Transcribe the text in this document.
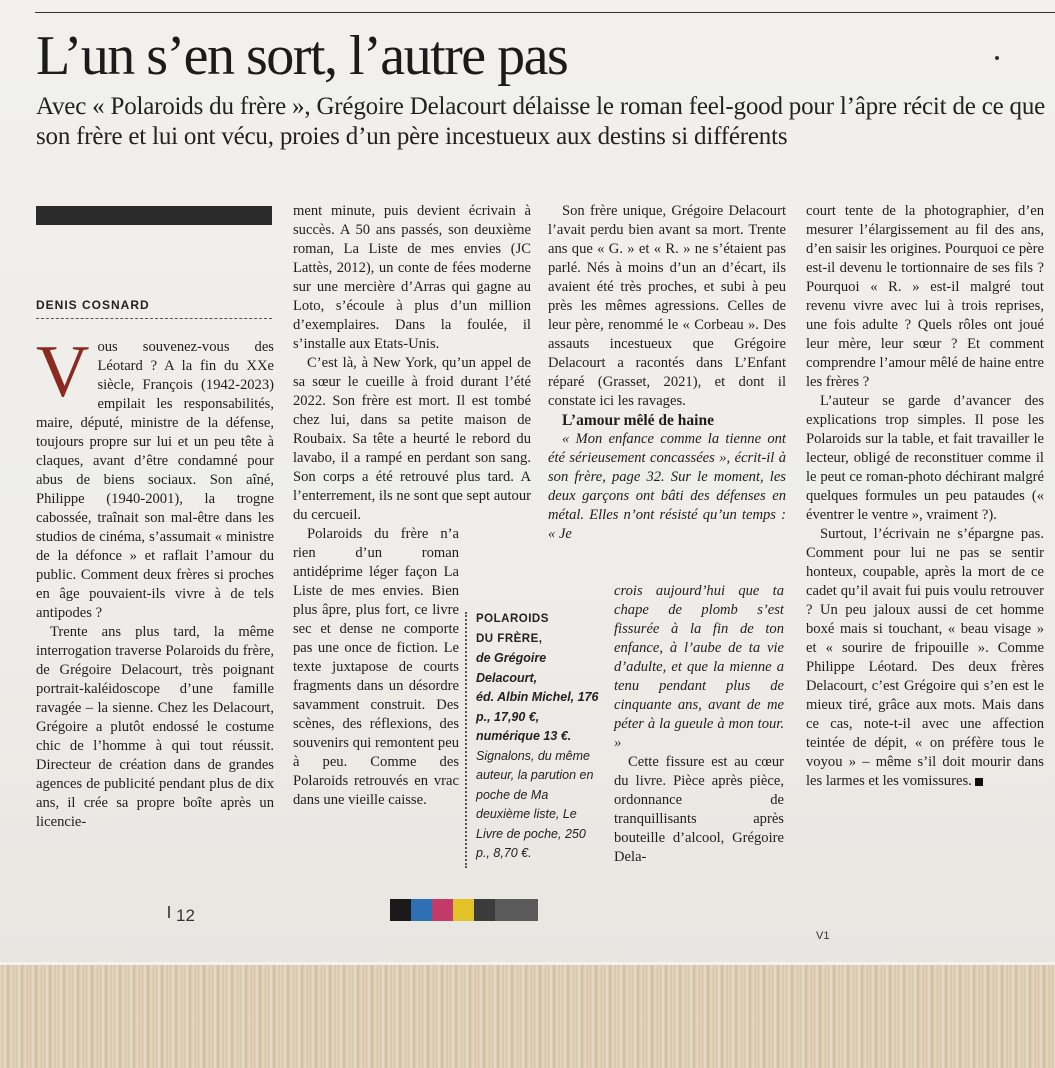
L’un s’en sort, l’autre pas

Avec « Polaroids du frère », Grégoire Delacourt délaisse le roman feel-good pour l’âpre récit de ce que son frère et lui ont vécu, proies d’un père incestueux aux destins si différents

DENIS COSNARD

Vous souvenez-vous des Léotard ? A la fin du XXe siècle, François (1942-2023) empilait les responsabilités, maire, député, ministre de la défense, toujours propre sur lui et un peu tête à claques, avant d’être condamné pour abus de biens sociaux. Son aîné, Philippe (1940-2001), la trogne cabossée, traînait son mal-être dans les studios de cinéma, s’assumait « ministre de la défonce » et raflait l’amour du public. Comment deux frères si proches en âge pouvaient-ils vivre à de tels antipodes ?

Trente ans plus tard, la même interrogation traverse Polaroids du frère, de Grégoire Delacourt, très poignant portrait-kaléidoscope d’une famille ravagée – la sienne. Chez les Delacourt, Grégoire a plutôt endossé le costume chic de l’homme à qui tout réussit. Directeur de création dans de grandes agences de publicité pendant plus de dix ans, il crée sa propre boîte après un licencie-

ment minute, puis devient écrivain à succès. A 50 ans passés, son deuxième roman, La Liste de mes envies (JC Lattès, 2012), un conte de fées moderne sur une mercière d’Arras qui gagne au Loto, s’écoule à plus d’un million d’exemplaires. Dans la foulée, il s’installe aux Etats-Unis.

C’est là, à New York, qu’un appel de sa sœur le cueille à froid durant l’été 2022. Son frère est mort. Il est tombé chez lui, dans sa petite maison de Roubaix. Sa tête a heurté le rebord du lavabo, il a rampé en perdant son sang. Son corps a été retrouvé plus tard. A l’enterrement, ils ne sont que sept autour du cercueil.

Polaroids du frère n’a rien d’un roman antidéprime léger façon La Liste de mes envies. Bien plus âpre, plus fort, ce livre sec et dense ne comporte pas une once de fiction. Le texte juxtapose de courts fragments dans un désordre savamment construit. Des scènes, des réflexions, des souvenirs qui remontent peu à peu. Comme des Polaroids retrouvés en vrac dans une vieille caisse.

Son frère unique, Grégoire Delacourt l’avait perdu bien avant sa mort. Trente ans que « G. » et « R. » ne s’étaient pas parlé. Nés à moins d’un an d’écart, ils avaient été très proches, et subi à peu près les mêmes agressions. Celles de leur père, renommé le « Corbeau ». Des assauts incestueux que Grégoire Delacourt a racontés dans L’Enfant réparé (Grasset, 2021), et dont il constate ici les ravages.

L’amour mêlé de haine

« Mon enfance comme la tienne ont été sérieusement concassées », écrit-il à son frère, page 32. Sur le moment, les deux garçons ont bâti des défenses en métal. Elles n’ont résisté qu’un temps : « Je

POLAROIDS
DU FRÈRE,
de Grégoire Delacourt,
éd. Albin Michel, 176 p., 17,90 €, numérique 13 €.
Signalons, du même auteur, la parution en poche de Ma deuxième liste, Le Livre de poche, 250 p., 8,70 €.

crois aujourd’hui que ta chape de plomb s’est fissurée à la fin de ton enfance, à l’aube de ta vie d’adulte, et que la mienne a tenu pendant plus de cinquante ans, avant de me péter à la gueule à mon tour. »

Cette fissure est au cœur du livre. Pièce après pièce, ordonnance de tranquillisants après bouteille d’alcool, Grégoire Dela-

court tente de la photographier, d’en mesurer l’élargissement au fil des ans, d’en saisir les origines. Pourquoi ce père est-il devenu le tortionnaire de ses fils ? Pourquoi « R. » est-il malgré tout revenu vivre avec lui à trois reprises, une fois adulte ? Quels rôles ont joué leur mère, leur sœur ? Et comment comprendre l’amour mêlé de haine entre les frères ?

L’auteur se garde d’avancer des explications trop simples. Il pose les Polaroids sur la table, et fait travailler le lecteur, obligé de reconstituer comme il le peut ce roman-photo déchirant malgré quelques formules un peu pataudes (« éventrer le ventre », vraiment ?).

Surtout, l’écrivain ne s’épargne pas. Comment pour lui ne pas se sentir honteux, coupable, après la mort de ce cadet qu’il avait fui puis voulu retrouver ? Un peu jaloux aussi de cet homme boxé mais si touchant, « beau visage » et « sourire de fripouille ». Comme Philippe Léotard. Des deux frères Delacourt, c’est Grégoire qui s’en est le mieux tiré, grâce aux mots. Mais dans ce cas, note-t-il avec une affection teintée de dépit, « on préfère tous le voyou » – même s’il doit mourir dans les larmes et les vomissures.

12
V1
